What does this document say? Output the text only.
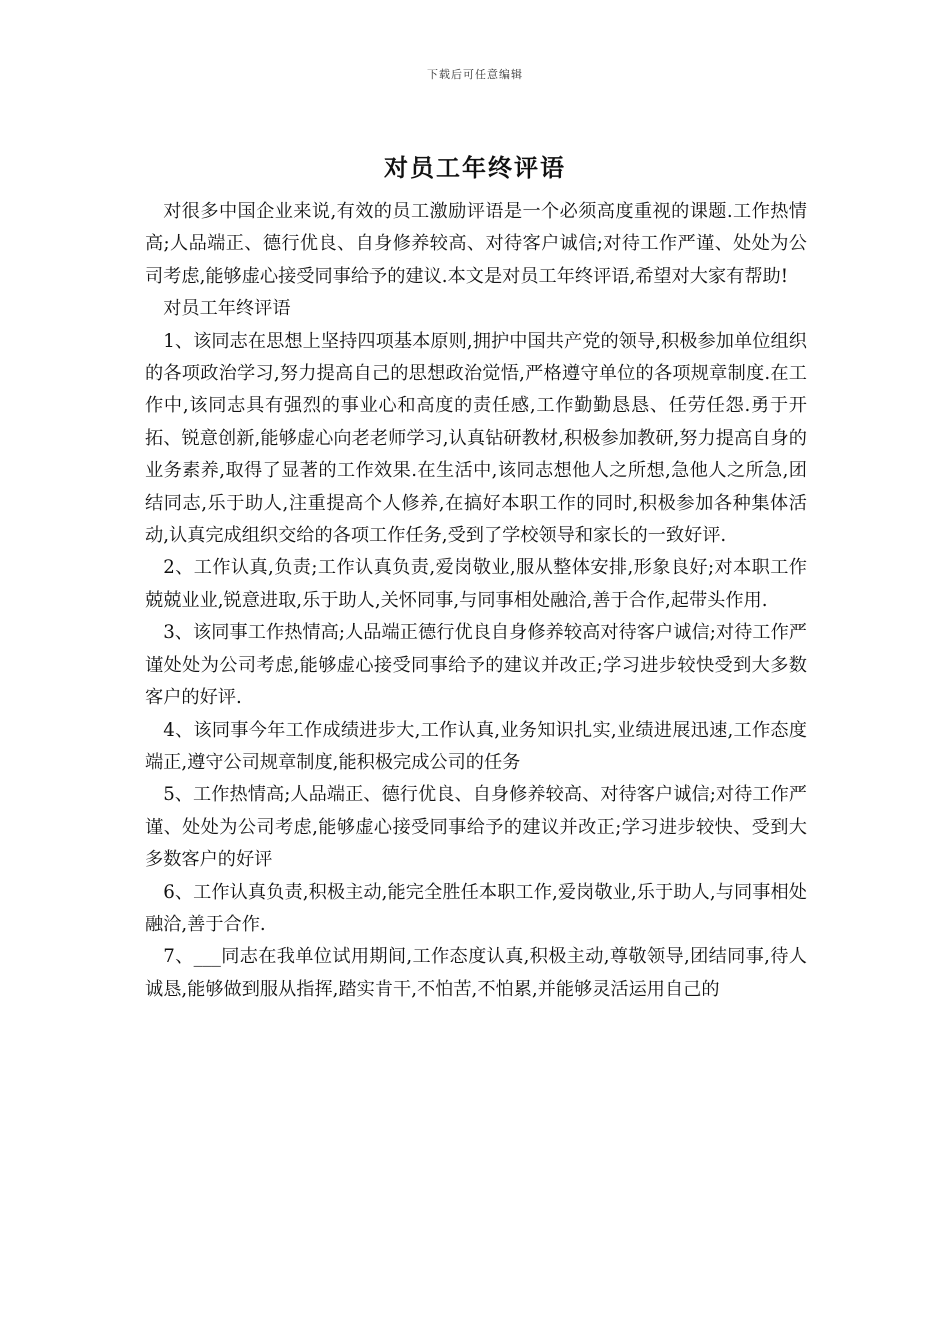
下载后可任意编辑
对员工年终评语

对很多中国企业来说,有效的员工激励评语是一个必须高度重视的课题.工作热情高;人品端正、德行优良、自身修养较高、对待客户诚信;对待工作严谨、处处为公司考虑,能够虚心接受同事给予的建议.本文是对员工年终评语,希望对大家有帮助!

对员工年终评语

1、该同志在思想上坚持四项基本原则,拥护中国共产党的领导,积极参加单位组织的各项政治学习,努力提高自己的思想政治觉悟,严格遵守单位的各项规章制度.在工作中,该同志具有强烈的事业心和高度的责任感,工作勤勤恳恳、任劳任怨.勇于开拓、锐意创新,能够虚心向老老师学习,认真钻研教材,积极参加教研,努力提高自身的业务素养,取得了显著的工作效果.在生活中,该同志想他人之所想,急他人之所急,团结同志,乐于助人,注重提高个人修养,在搞好本职工作的同时,积极参加各种集体活动,认真完成组织交给的各项工作任务,受到了学校领导和家长的一致好评.

2、工作认真,负责;工作认真负责,爱岗敬业,服从整体安排,形象良好;对本职工作兢兢业业,锐意进取,乐于助人,关怀同事,与同事相处融洽,善于合作,起带头作用.

3、该同事工作热情高;人品端正德行优良自身修养较高对待客户诚信;对待工作严谨处处为公司考虑,能够虚心接受同事给予的建议并改正;学习进步较快受到大多数客户的好评.

4、该同事今年工作成绩进步大,工作认真,业务知识扎实,业绩进展迅速,工作态度端正,遵守公司规章制度,能积极完成公司的任务

5、工作热情高;人品端正、德行优良、自身修养较高、对待客户诚信;对待工作严谨、处处为公司考虑,能够虚心接受同事给予的建议并改正;学习进步较快、受到大多数客户的好评

6、工作认真负责,积极主动,能完全胜任本职工作,爱岗敬业,乐于助人,与同事相处融洽,善于合作.

7、___同志在我单位试用期间,工作态度认真,积极主动,尊敬领导,团结同事,待人诚恳,能够做到服从指挥,踏实肯干,不怕苦,不怕累,并能够灵活运用自己的
